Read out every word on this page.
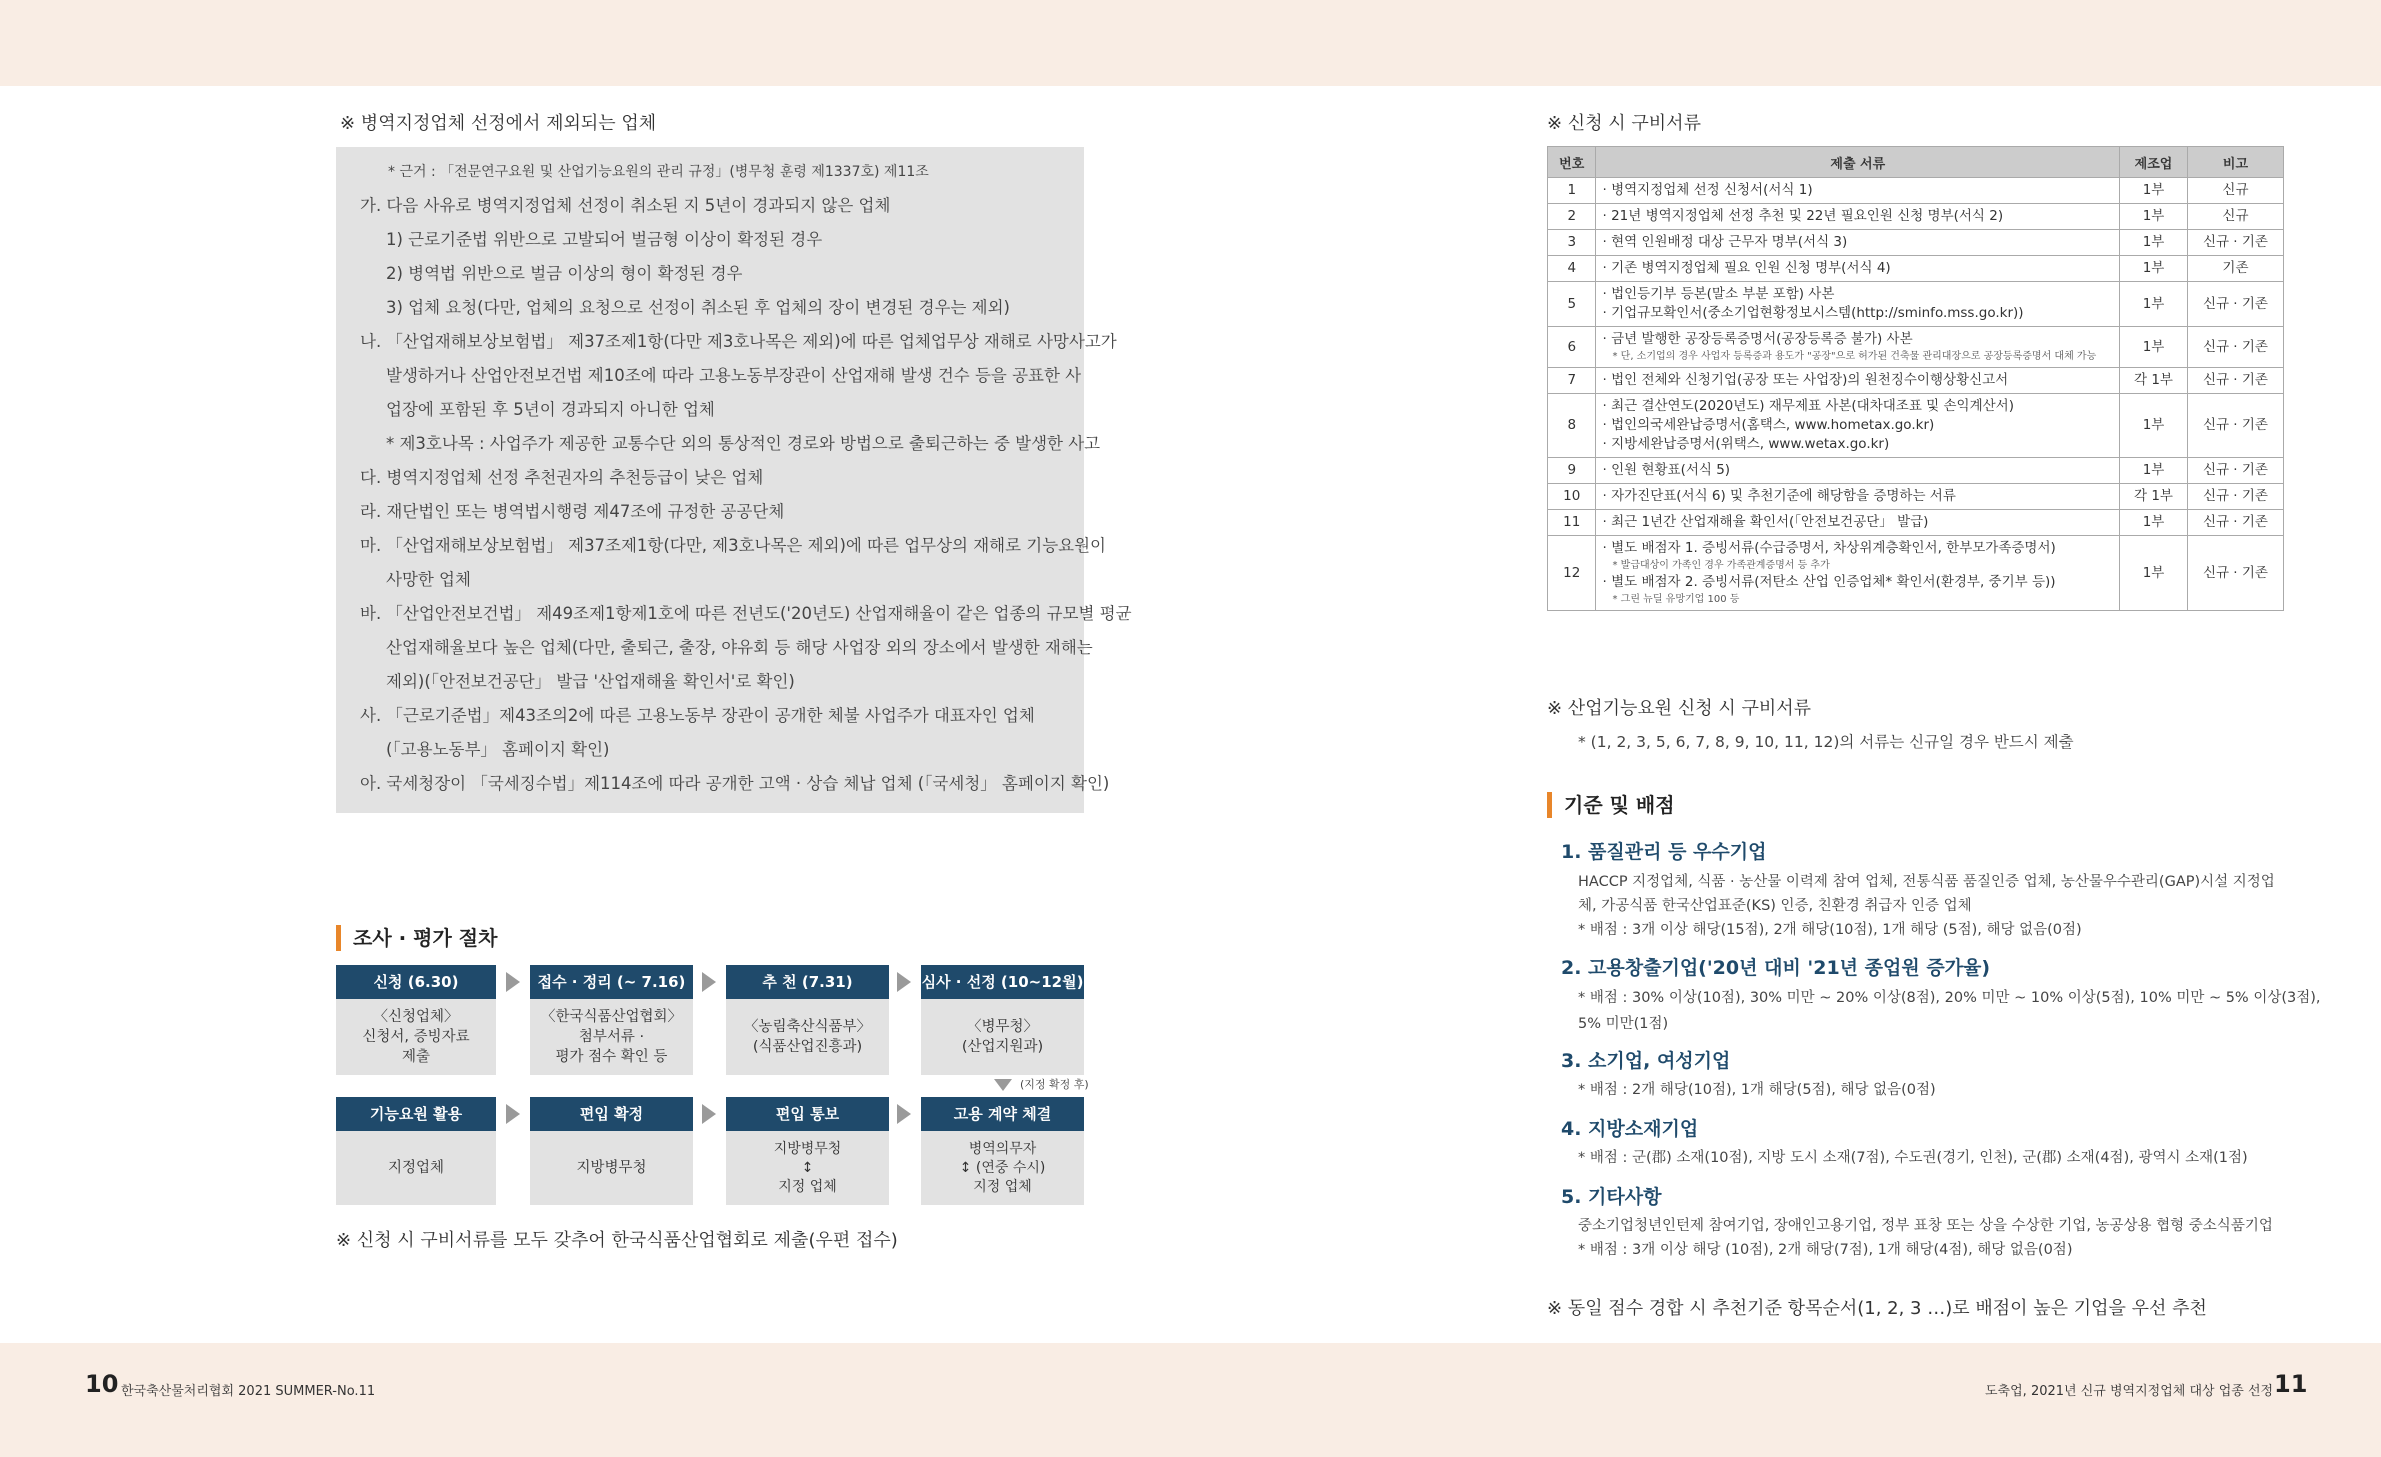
※ 병역지정업체 선정에서 제외되는 업체
* 근거 : 「전문연구요원 및 산업기능요원의 관리 규정」(병무청 훈령 제1337호) 제11조
가. 다음 사유로 병역지정업체 선정이 취소된 지 5년이 경과되지 않은 업체
1) 근로기준법 위반으로 고발되어 벌금형 이상이 확정된 경우
2) 병역법 위반으로 벌금 이상의 형이 확정된 경우
3) 업체 요청(다만, 업체의 요청으로 선정이 취소된 후 업체의 장이 변경된 경우는 제외)
나. 「산업재해보상보험법」 제37조제1항(다만 제3호나목은 제외)에 따른 업체업무상 재해로 사망사고가
발생하거나 산업안전보건법 제10조에 따라 고용노동부장관이 산업재해 발생 건수 등을 공표한 사
업장에 포함된 후 5년이 경과되지 아니한 업체
* 제3호나목 : 사업주가 제공한 교통수단 외의 통상적인 경로와 방법으로 출퇴근하는 중 발생한 사고
다. 병역지정업체 선정 추천권자의 추천등급이 낮은 업체
라. 재단법인 또는 병역법시행령 제47조에 규정한 공공단체
마. 「산업재해보상보험법」 제37조제1항(다만, 제3호나목은 제외)에 따른 업무상의 재해로 기능요원이
사망한 업체
바. 「산업안전보건법」 제49조제1항제1호에 따른 전년도('20년도) 산업재해율이 같은 업종의 규모별 평균
산업재해율보다 높은 업체(다만, 출퇴근, 출장, 야유회 등 해당 사업장 외의 장소에서 발생한 재해는
제외)(「안전보건공단」 발급 '산업재해율 확인서'로 확인)
사. 「근로기준법」제43조의2에 따른 고용노동부 장관이 공개한 체불 사업주가 대표자인 업체
(「고용노동부」 홈페이지 확인)
아. 국세청장이 「국세징수법」제114조에 따라 공개한 고액 · 상습 체납 업체 (「국세청」 홈페이지 확인)
조사 · 평가 절차
신청 (6.30)
〈신청업체〉
신청서, 증빙자료
제출
접수 · 정리 (~ 7.16)
〈한국식품산업협회〉
첨부서류 ·
평가 점수 확인 등
추 천 (7.31)
〈농림축산식품부〉
(식품산업진흥과)
심사 · 선정 (10~12월)
〈병무청〉
(산업지원과)
(지정 확정 후)
기능요원 활용
지정업체
편입 확정
지방병무청
편입 통보
지방병무청
↕
지정 업체
고용 계약 체결
병역의무자
↕ (연중 수시)
지정 업체
※ 신청 시 구비서류를 모두 갖추어 한국식품산업협회로 제출(우편 접수)
※ 신청 시 구비서류
번호	제출 서류	제조업	비고
1	· 병역지정업체 선정 신청서(서식 1)	1부	신규
2	· 21년 병역지정업체 선정 추천 및 22년 필요인원 신청 명부(서식 2)	1부	신규
3	· 현역 인원배정 대상 근무자 명부(서식 3)	1부	신규 · 기존
4	· 기존 병역지정업체 필요 인원 신청 명부(서식 4)	1부	기존
5	· 법인등기부 등본(말소 부분 포함) 사본
· 기업규모확인서(중소기업현황정보시스템(http://sminfo.mss.go.kr))	1부	신규 · 기존
6	· 금년 발행한 공장등록증명서(공장등록증 불가) 사본
* 단, 소기업의 경우 사업자 등록증과 용도가 "공장"으로 허가된 건축물 관리대장으로 공장등록증명서 대체 가능	1부	신규 · 기존
7	· 법인 전체와 신청기업(공장 또는 사업장)의 원천징수이행상황신고서	각 1부	신규 · 기존
8	· 최근 결산연도(2020년도) 재무제표 사본(대차대조표 및 손익계산서)
· 법인의국세완납증명서(홈택스, www.hometax.go.kr)
· 지방세완납증명서(위택스, www.wetax.go.kr)	1부	신규 · 기존
9	· 인원 현황표(서식 5)	1부	신규 · 기존
10	· 자가진단표(서식 6) 및 추천기준에 해당함을 증명하는 서류	각 1부	신규 · 기존
11	· 최근 1년간 산업재해율 확인서(「안전보건공단」 발급)	1부	신규 · 기존
12	· 별도 배점자 1. 증빙서류(수급증명서, 차상위계층확인서, 한부모가족증명서)
* 발급대상이 가족인 경우 가족관계증명서 등 추가
· 별도 배점자 2. 증빙서류(저탄소 산업 인증업체* 확인서(환경부, 중기부 등))
* 그린 뉴딜 유망기업 100 등	1부	신규 · 기존
※ 산업기능요원 신청 시 구비서류
* (1, 2, 3, 5, 6, 7, 8, 9, 10, 11, 12)의 서류는 신규일 경우 반드시 제출
기준 및 배점
1. 품질관리 등 우수기업
HACCP 지정업체, 식품 · 농산물 이력제 참여 업체, 전통식품 품질인증 업체, 농산물우수관리(GAP)시설 지정업
체, 가공식품 한국산업표준(KS) 인증, 친환경 취급자 인증 업체
* 배점 : 3개 이상 해당(15점), 2개 해당(10점), 1개 해당 (5점), 해당 없음(0점)
2. 고용창출기업('20년 대비 '21년 종업원 증가율)
* 배점 : 30% 이상(10점), 30% 미만 ~ 20% 이상(8점), 20% 미만 ~ 10% 이상(5점), 10% 미만 ~ 5% 이상(3점),
5% 미만(1점)
3. 소기업, 여성기업
* 배점 : 2개 해당(10점), 1개 해당(5점), 해당 없음(0점)
4. 지방소재기업
* 배점 : 군(郡) 소재(10점), 지방 도시 소재(7점), 수도권(경기, 인천), 군(郡) 소재(4점), 광역시 소재(1점)
5. 기타사항
중소기업청년인턴제 참여기업, 장애인고용기업, 정부 표창 또는 상을 수상한 기업, 농공상용 협형 중소식품기업
* 배점 : 3개 이상 해당 (10점), 2개 해당(7점), 1개 해당(4점), 해당 없음(0점)
※ 동일 점수 경합 시 추천기준 항목순서(1, 2, 3 …)로 배점이 높은 기업을 우선 추천
10 한국축산물처리협회 2021 SUMMER-No.11	도축업, 2021년 신규 병역지정업체 대상 업종 선정 11
